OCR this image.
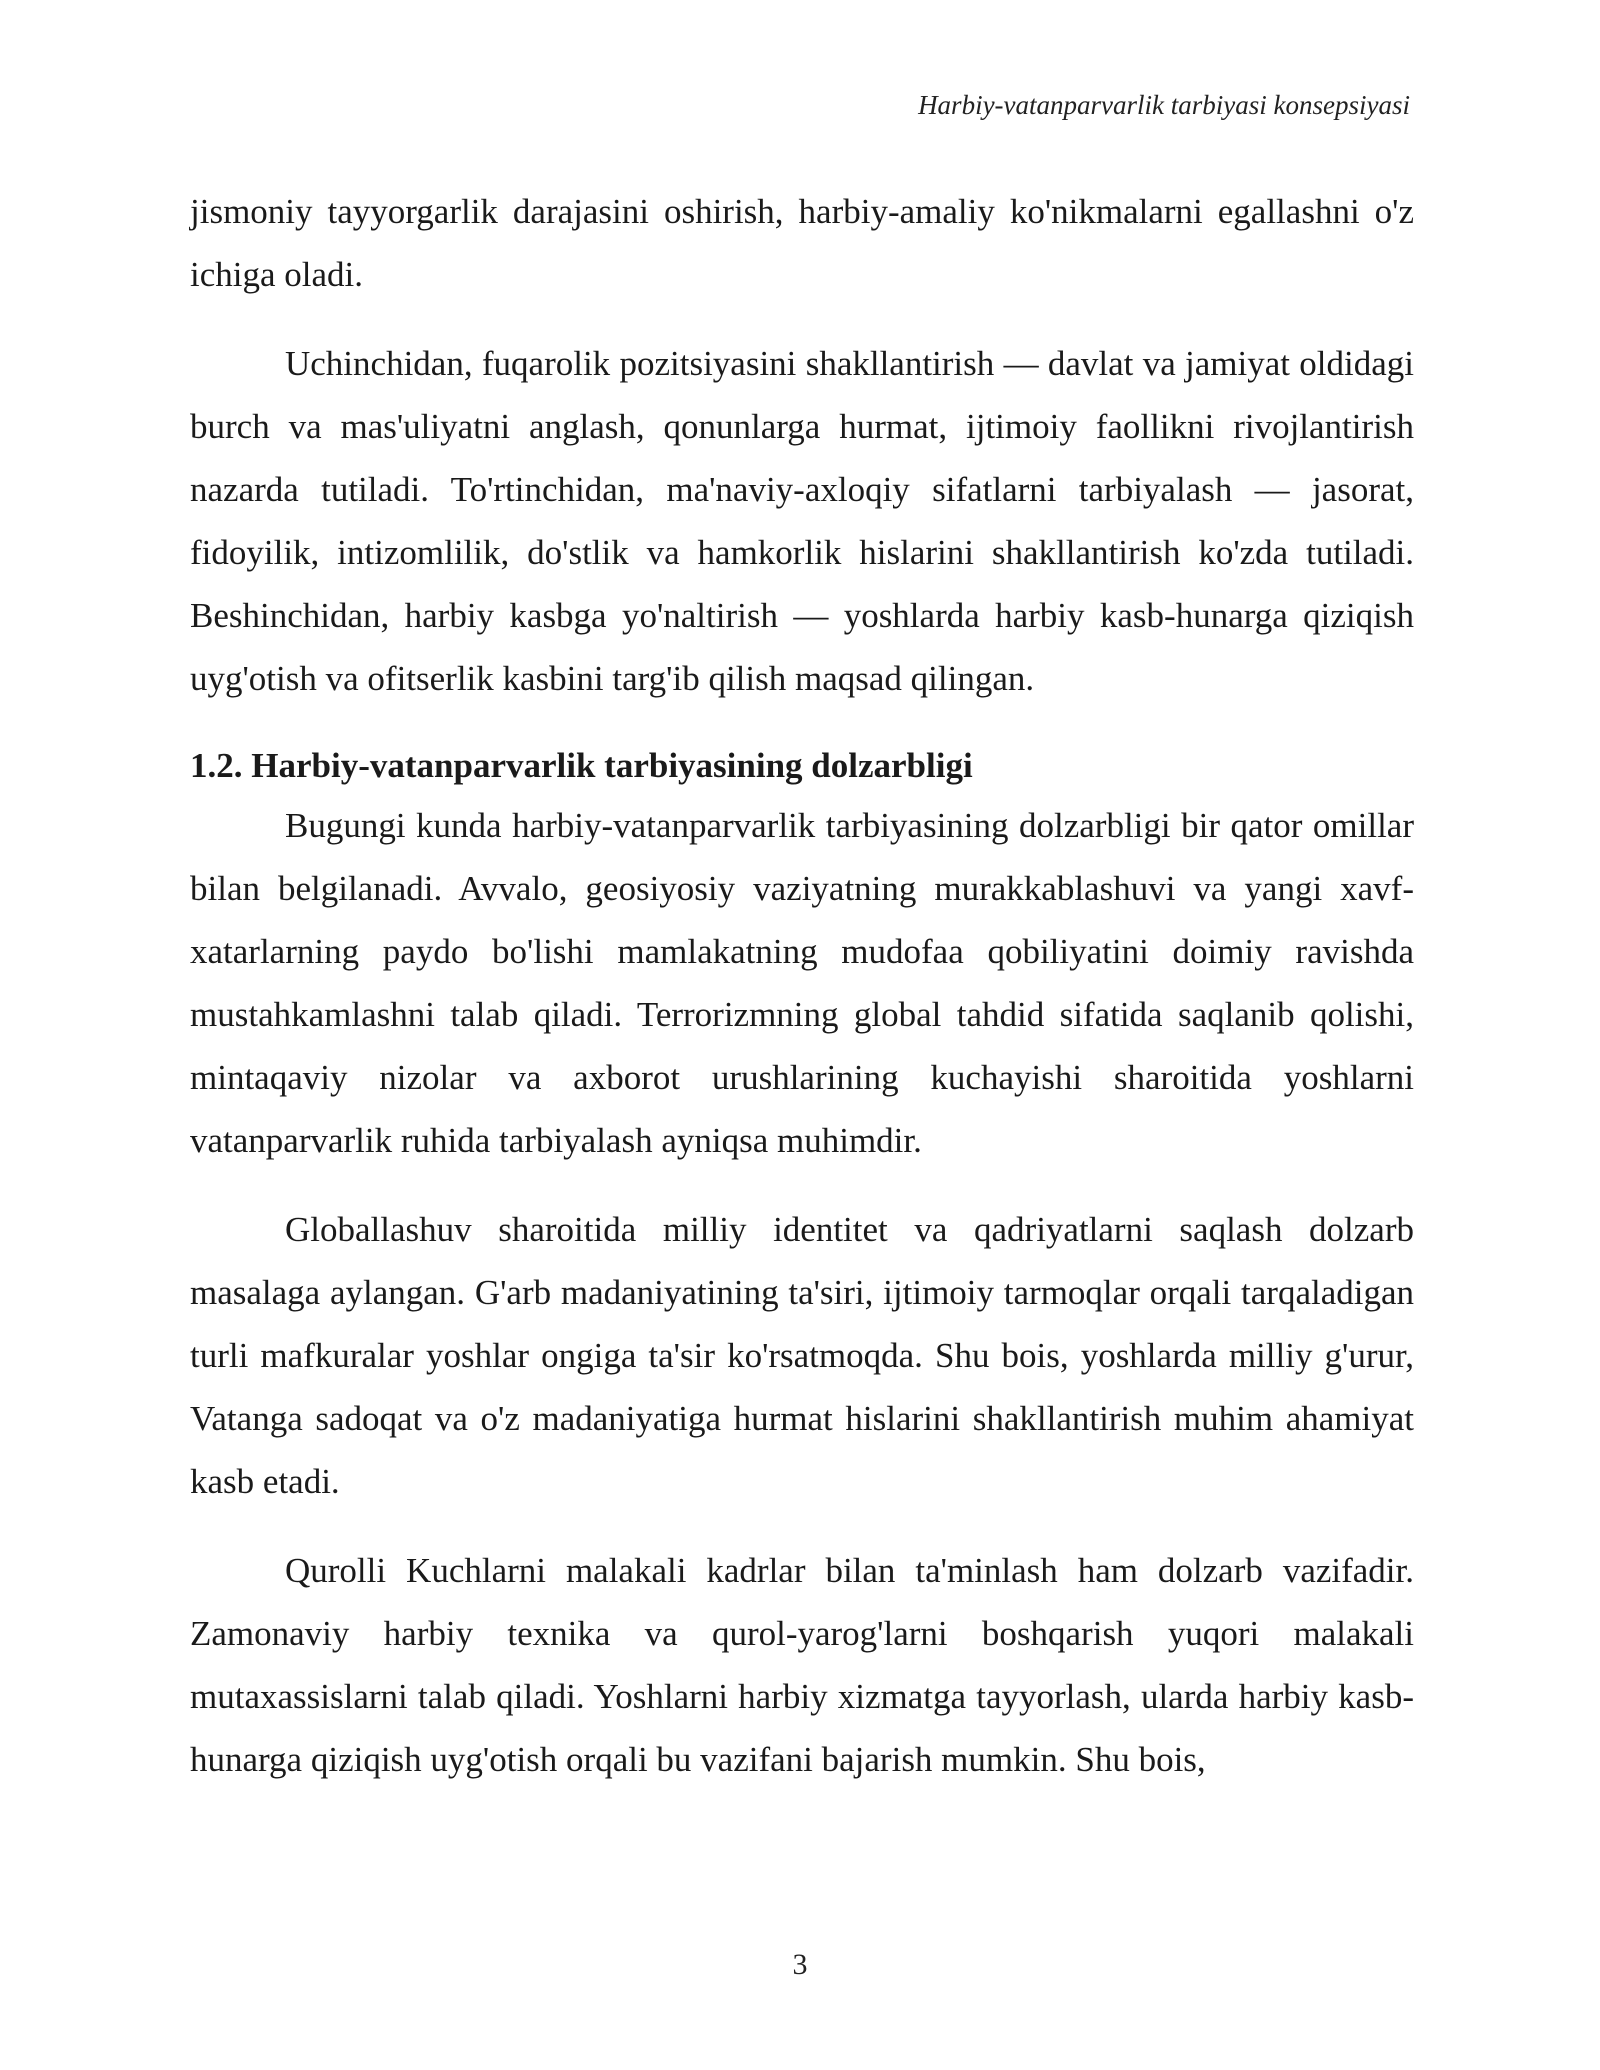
Harbiy-vatanparvarlik tarbiyasi konsepsiyasi

jismoniy tayyorgarlik darajasini oshirish, harbiy-amaliy ko'nikmalarni egallashni o'z ichiga oladi.

Uchinchidan, fuqarolik pozitsiyasini shakllantirish — davlat va jamiyat oldidagi burch va mas'uliyatni anglash, qonunlarga hurmat, ijtimoiy faollikni rivojlantirish nazarda tutiladi. To'rtinchidan, ma'naviy-axloqiy sifatlarni tarbiyalash — jasorat, fidoyilik, intizomlilik, do'stlik va hamkorlik hislarini shakllantirish ko'zda tutiladi. Beshinchidan, harbiy kasbga yo'naltirish — yoshlarda harbiy kasb-hunarga qiziqish uyg'otish va ofitserlik kasbini targ'ib qilish maqsad qilingan.

1.2. Harbiy-vatanparvarlik tarbiyasining dolzarbligi

Bugungi kunda harbiy-vatanparvarlik tarbiyasining dolzarbligi bir qator omillar bilan belgilanadi. Avvalo, geosiyosiy vaziyatning murakkablashuvi va yangi xavf-xatarlarning paydo bo'lishi mamlakatning mudofaa qobiliyatini doimiy ravishda mustahkamlashni talab qiladi. Terrorizmning global tahdid sifatida saqlanib qolishi, mintaqaviy nizolar va axborot urushlarining kuchayishi sharoitida yoshlarni vatanparvarlik ruhida tarbiyalash ayniqsa muhimdir.

Globallashuv sharoitida milliy identitet va qadriyatlarni saqlash dolzarb masalaga aylangan. G'arb madaniyatining ta'siri, ijtimoiy tarmoqlar orqali tarqaladigan turli mafkuralar yoshlar ongiga ta'sir ko'rsatmoqda. Shu bois, yoshlarda milliy g'urur, Vatanga sadoqat va o'z madaniyatiga hurmat hislarini shakllantirish muhim ahamiyat kasb etadi.

Qurolli Kuchlarni malakali kadrlar bilan ta'minlash ham dolzarb vazifadir. Zamonaviy harbiy texnika va qurol-yarog'larni boshqarish yuqori malakali mutaxassislarni talab qiladi. Yoshlarni harbiy xizmatga tayyorlash, ularda harbiy kasb-hunarga qiziqish uyg'otish orqali bu vazifani bajarish mumkin. Shu bois,

3
